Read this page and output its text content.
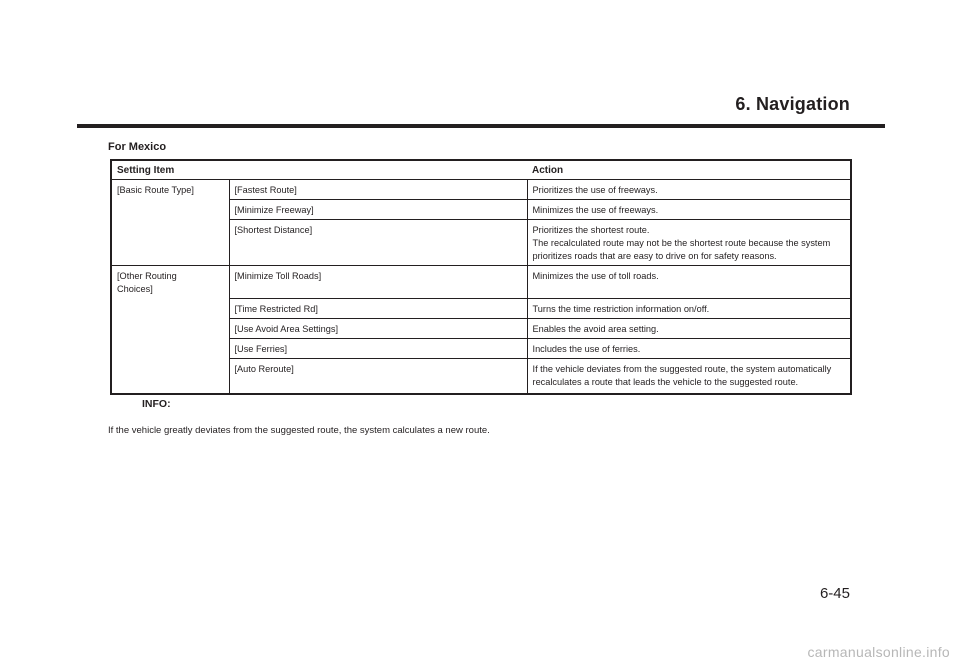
6. Navigation
For Mexico
Setting Item		Action
[Basic Route Type]	[Fastest Route]	Prioritizes the use of freeways.
	[Minimize Freeway]	Minimizes the use of freeways.
	[Shortest Distance]	Prioritizes the shortest route.
The recalculated route may not be the shortest route because the system prioritizes roads that are easy to drive on for safety reasons.
[Other Routing Choices]	[Minimize Toll Roads]	Minimizes the use of toll roads.
	[Time Restricted Rd]	Turns the time restriction information on/off.
	[Use Avoid Area Settings]	Enables the avoid area setting.
	[Use Ferries]	Includes the use of ferries.
	[Auto Reroute]	If the vehicle deviates from the suggested route, the system automatically recalculates a route that leads the vehicle to the suggested route.
INFO:
If the vehicle greatly deviates from the suggested route, the system calculates a new route.
6-45
carmanualsonline.info
